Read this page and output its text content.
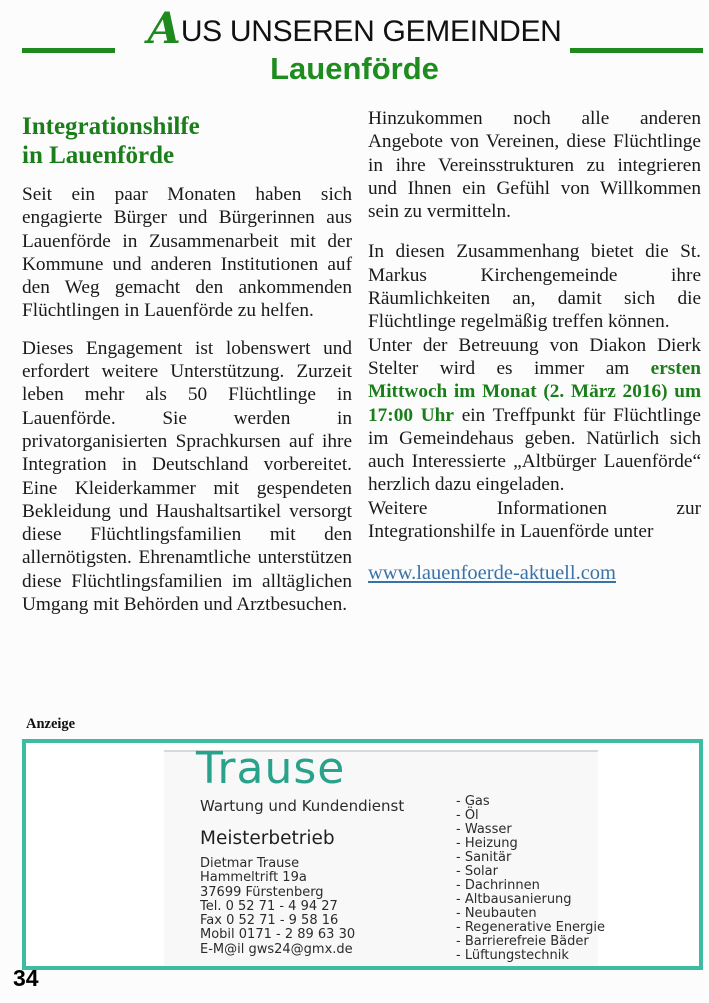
AUS UNSEREN GEMEINDEN
Lauenförde
Integrationshilfe
in Lauenförde

Seit ein paar Monaten haben sich engagierte Bürger und Bürgerinnen aus Lauenförde in Zusammenarbeit mit der Kommune und anderen Institutionen auf den Weg gemacht den ankommenden Flüchtlingen in Lauenförde zu helfen.

Dieses Engagement ist lobenswert und erfordert weitere Unterstützung. Zurzeit leben mehr als 50 Flüchtlinge in Lauenförde. Sie werden in privatorganisierten Sprachkursen auf ihre Integration in Deutschland vorbereitet. Eine Kleiderkammer mit gespendeten Bekleidung und Haushaltsartikel versorgt diese Flüchtlingsfamilien mit den allernötigsten. Ehrenamtliche unterstützen diese Flüchtlingsfamilien im alltäglichen Umgang mit Behörden und Arztbesuchen.

Hinzukommen noch alle anderen Angebote von Vereinen, diese Flüchtlinge in ihre Vereinsstrukturen zu integrieren und Ihnen ein Gefühl von Willkommen sein zu vermitteln.

In diesen Zusammenhang bietet die St. Markus Kirchengemeinde ihre Räumlichkeiten an, damit sich die Flüchtlinge regelmäßig treffen können.

Unter der Betreuung von Diakon Dierk Stelter wird es immer am ersten Mittwoch im Monat (2. März 2016) um 17:00 Uhr ein Treffpunkt für Flüchtlinge im Gemeindehaus geben. Natürlich sich auch Interessierte „Altbürger Lauenförde“ herzlich dazu eingeladen.

Weitere Informationen zur Integrationshilfe in Lauenförde unter

www.lauenfoerde-aktuell.com
Anzeige
Trause
Wartung und Kundendienst
Meisterbetrieb
Dietmar Trause
Hammeltrift 19a
37699 Fürstenberg
Tel. 0 52 71 - 4 94 27
Fax 0 52 71 - 9 58 16
Mobil 0171 - 2 89 63 30
E-M@il gws24@gmx.de
- Gas
- Öl
- Wasser
- Heizung
- Sanitär
- Solar
- Dachrinnen
- Altbausanierung
- Neubauten
- Regenerative Energie
- Barrierefreie Bäder
- Lüftungstechnik
34
